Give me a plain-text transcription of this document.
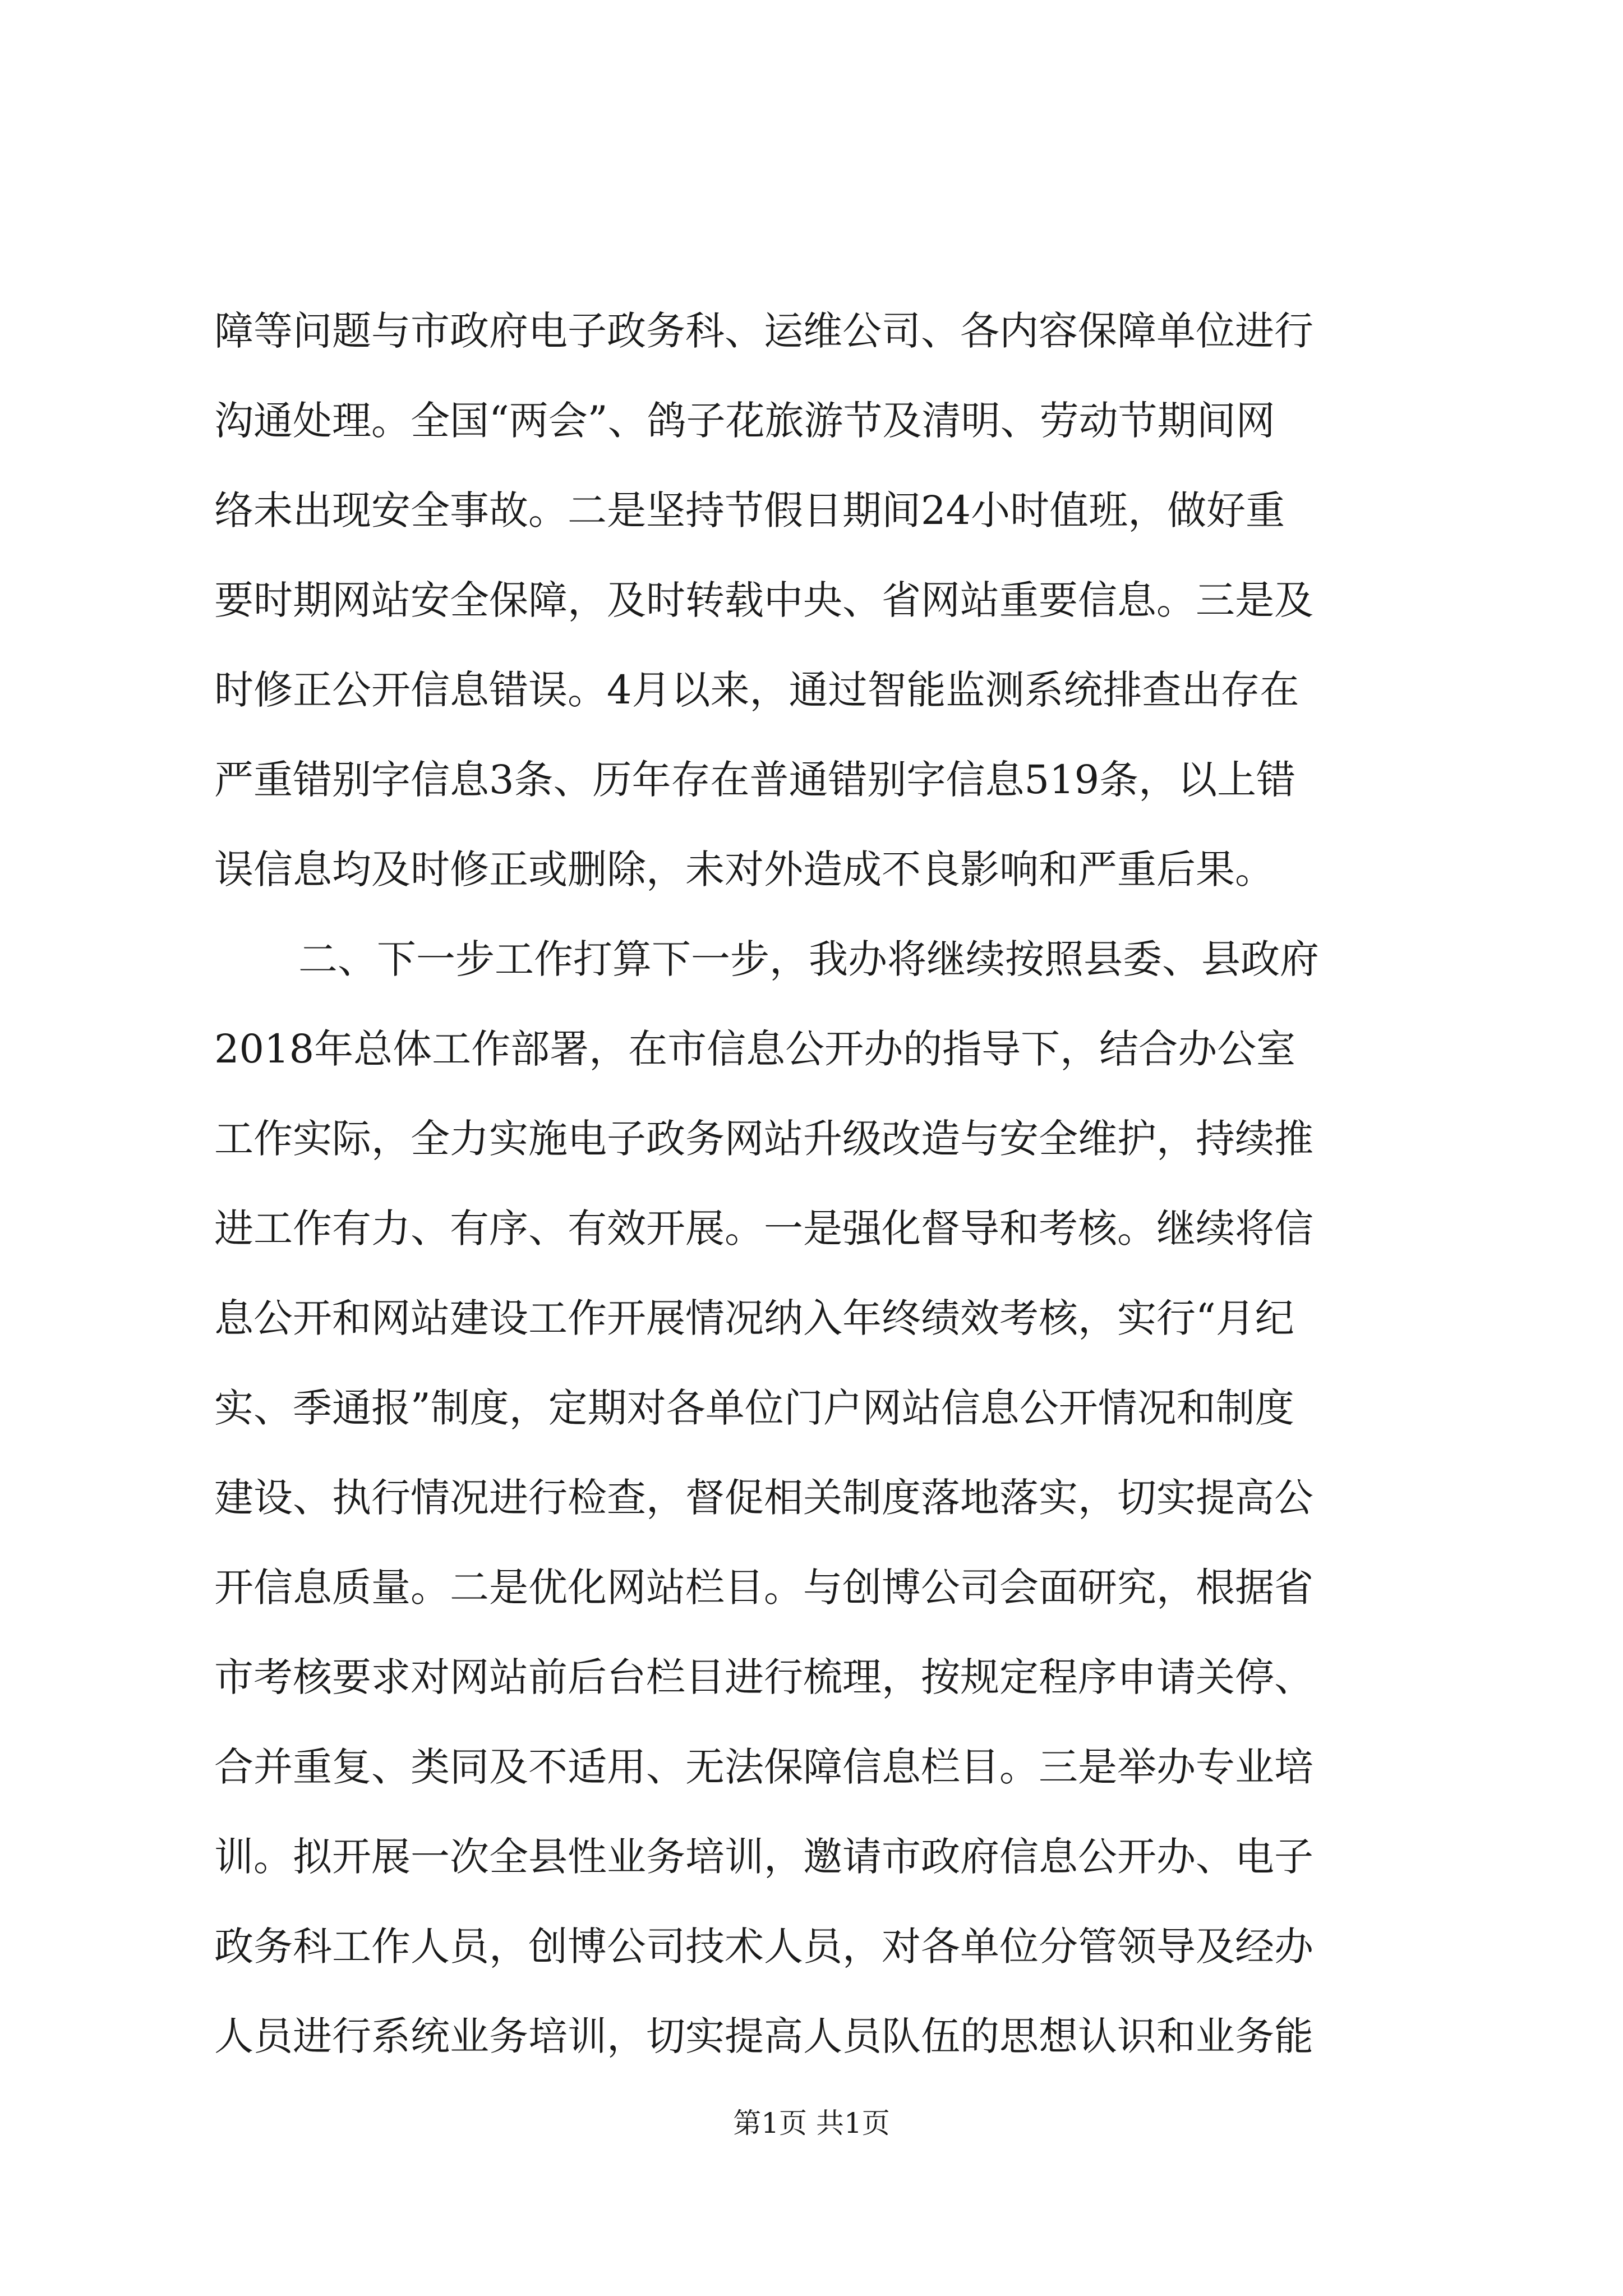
障等问题与市政府电子政务科、运维公司、各内容保障单位进行
沟通处理。全国“两会”、鸽子花旅游节及清明、劳动节期间网
络未出现安全事故。二是坚持节假日期间24小时值班，做好重
要时期网站安全保障，及时转载中央、省网站重要信息。三是及
时修正公开信息错误。4月以来，通过智能监测系统排查出存在
严重错别字信息3条、历年存在普通错别字信息519条，以上错
误信息均及时修正或删除，未对外造成不良影响和严重后果。
二、下一步工作打算下一步，我办将继续按照县委、县政府
2018年总体工作部署，在市信息公开办的指导下，结合办公室
工作实际，全力实施电子政务网站升级改造与安全维护，持续推
进工作有力、有序、有效开展。一是强化督导和考核。继续将信
息公开和网站建设工作开展情况纳入年终绩效考核，实行“月纪
实、季通报”制度，定期对各单位门户网站信息公开情况和制度
建设、执行情况进行检查，督促相关制度落地落实，切实提高公
开信息质量。二是优化网站栏目。与创博公司会面研究，根据省
市考核要求对网站前后台栏目进行梳理，按规定程序申请关停、
合并重复、类同及不适用、无法保障信息栏目。三是举办专业培
训。拟开展一次全县性业务培训，邀请市政府信息公开办、电子
政务科工作人员，创博公司技术人员，对各单位分管领导及经办
人员进行系统业务培训，切实提高人员队伍的思想认识和业务能
第1页 共1页
